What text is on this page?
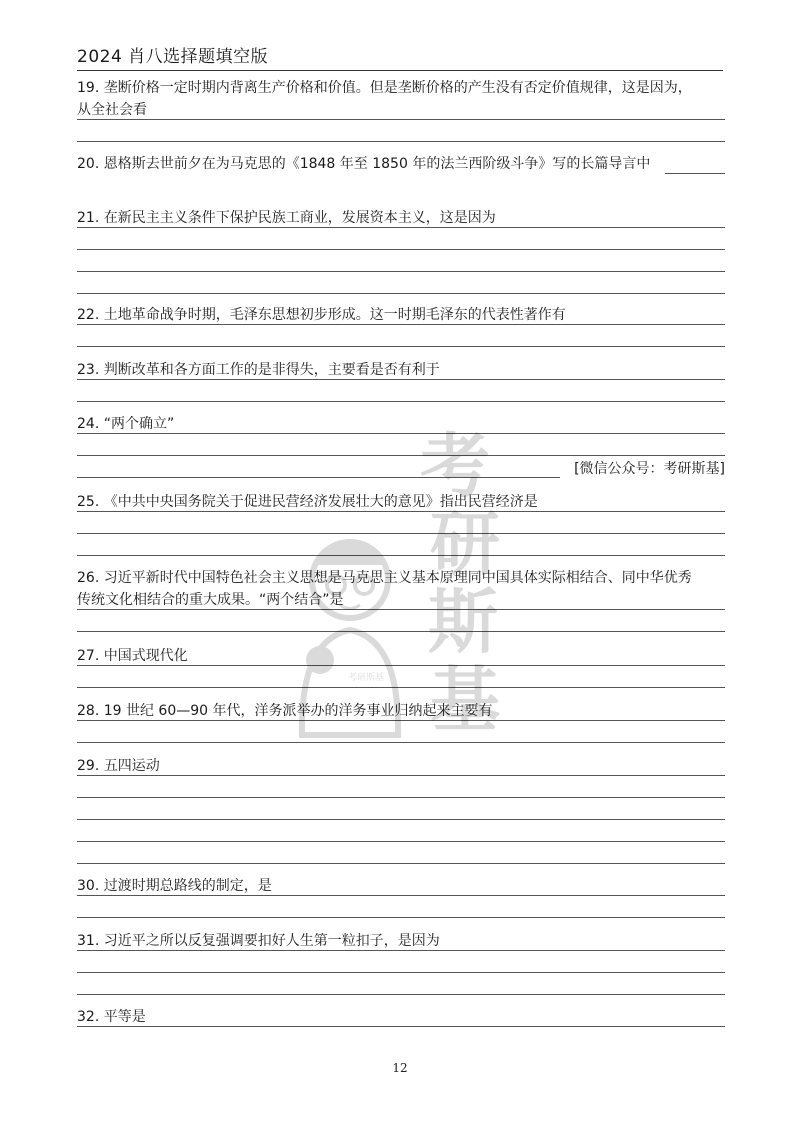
2024 肖八选择题填空版
19. 垄断价格一定时期内背离生产价格和价值。但是垄断价格的产生没有否定价值规律，这是因为，
从全社会看
20. 恩格斯去世前夕在为马克思的《1848 年至 1850 年的法兰西阶级斗争》写的长篇导言中
21. 在新民主主义条件下保护民族工商业，发展资本主义，这是因为
22. 土地革命战争时期，毛泽东思想初步形成。这一时期毛泽东的代表性著作有
23. 判断改革和各方面工作的是非得失，主要看是否有利于
24. “两个确立”
[微信公众号：考研斯基]
25. 《中共中央国务院关于促进民营经济发展壮大的意见》指出民营经济是
26. 习近平新时代中国特色社会主义思想是马克思主义基本原理同中国具体实际相结合、同中华优秀
传统文化相结合的重大成果。“两个结合”是
27. 中国式现代化
28. 19 世纪 60—90 年代，洋务派举办的洋务事业归纳起来主要有
29. 五四运动
30. 过渡时期总路线的制定，是
31. 习近平之所以反复强调要扣好人生第一粒扣子，是因为
32. 平等是
考研斯基
考
研
斯
基
12
